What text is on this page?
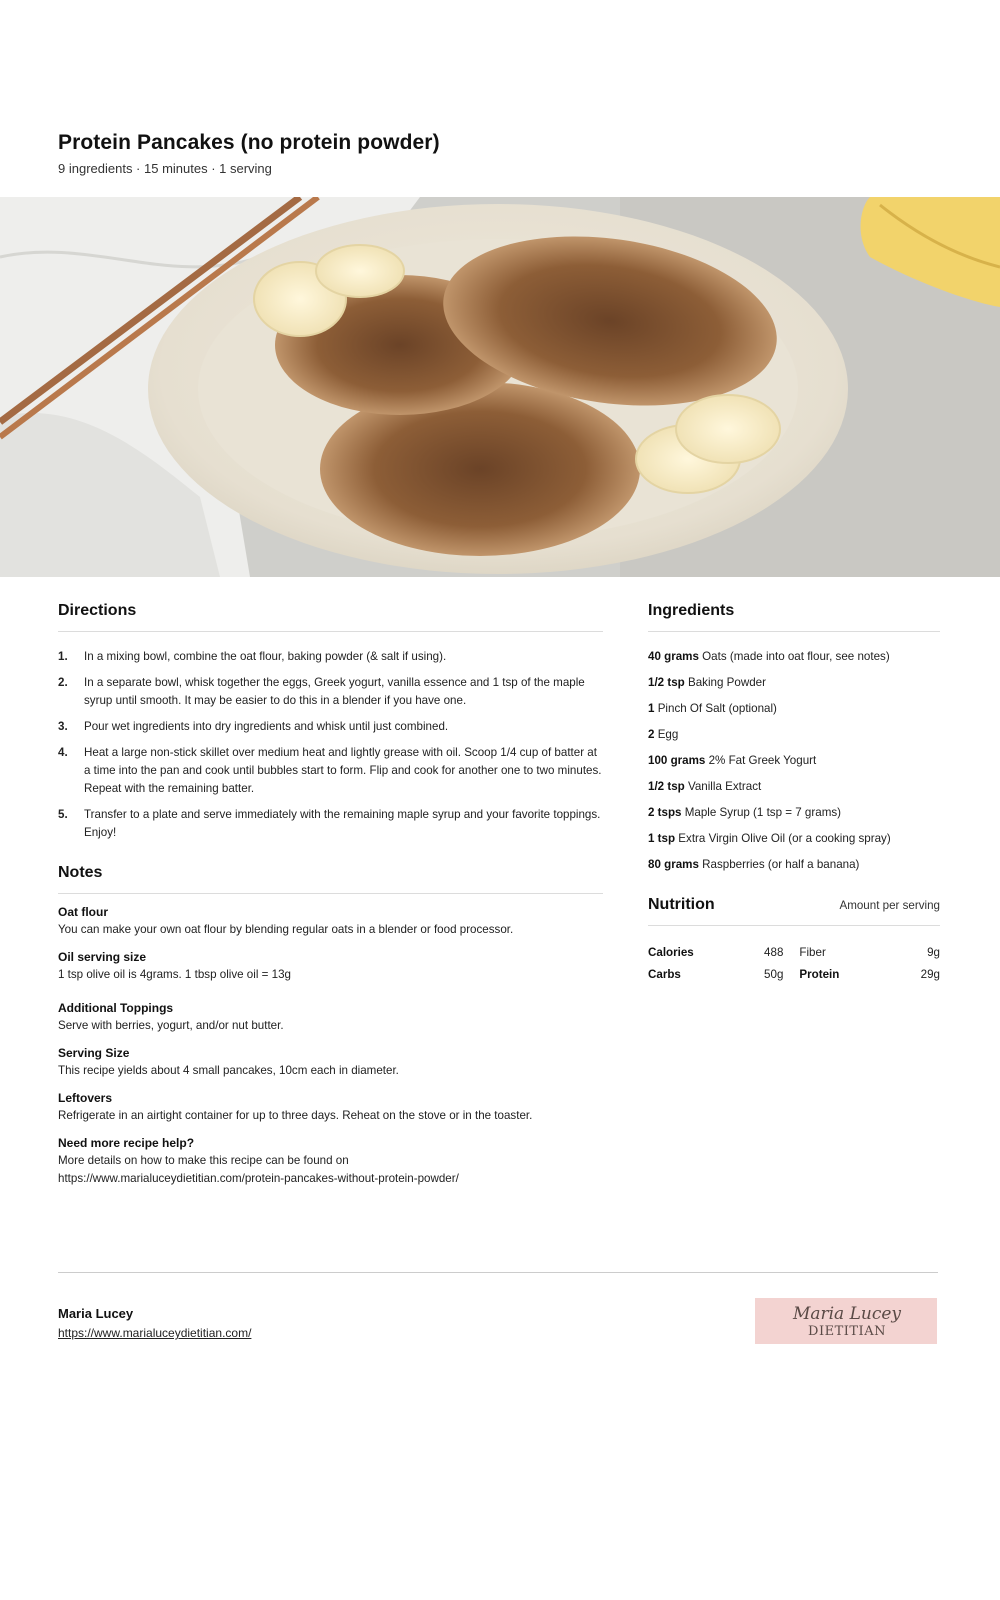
Protein Pancakes (no protein powder)
9 ingredients · 15 minutes · 1 serving
Directions
1.	In a mixing bowl, combine the oat flour, baking powder (& salt if using).
2.	In a separate bowl, whisk together the eggs, Greek yogurt, vanilla essence and 1 tsp of the maple syrup until smooth. It may be easier to do this in a blender if you have one.
3.	Pour wet ingredients into dry ingredients and whisk until just combined.
4.	Heat a large non-stick skillet over medium heat and lightly grease with oil. Scoop 1/4 cup of batter at a time into the pan and cook until bubbles start to form. Flip and cook for another one to two minutes. Repeat with the remaining batter.
5.	Transfer to a plate and serve immediately with the remaining maple syrup and your favorite toppings. Enjoy!
Notes
Oat flour
You can make your own oat flour by blending regular oats in a blender or food processor.
Oil serving size
1 tsp olive oil is 4grams. 1 tbsp olive oil = 13g
Additional Toppings
Serve with berries, yogurt, and/or nut butter.
Serving Size
This recipe yields about 4 small pancakes, 10cm each in diameter.
Leftovers
Refrigerate in an airtight container for up to three days. Reheat on the stove or in the toaster.
Need more recipe help?
More details on how to make this recipe can be found on
https://www.marialuceydietitian.com/protein-pancakes-without-protein-powder/
Ingredients
40 grams Oats (made into oat flour, see notes)
1/2 tsp Baking Powder
1 Pinch Of Salt (optional)
2 Egg
100 grams 2% Fat Greek Yogurt
1/2 tsp Vanilla Extract
2 tsps Maple Syrup (1 tsp = 7 grams)
1 tsp Extra Virgin Olive Oil (or a cooking spray)
80 grams Raspberries (or half a banana)
Nutrition	Amount per serving
Calories	488	Fiber	9g
Carbs	50g	Protein	29g
Maria Lucey
https://www.marialuceydietitian.com/
Maria Lucey
DIETITIAN
